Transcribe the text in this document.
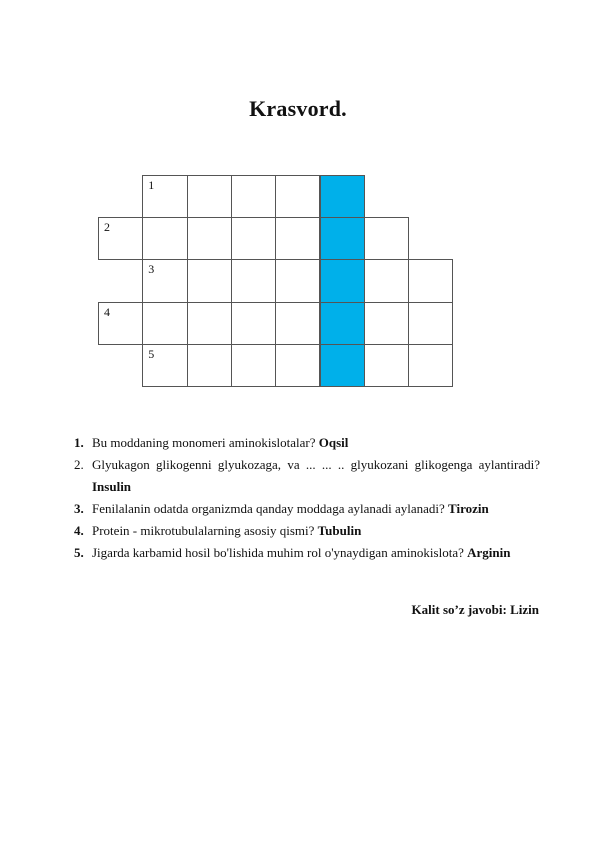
Krasvord.
1
2
3
4
5
1. Bu moddaning monomeri aminokislotalar? Oqsil
2. Glyukagon glikogenni glyukozaga, va ... ... .. glyukozani glikogenga aylantiradi? Insulin
3. Fenilalanin odatda organizmda qanday moddaga aylanadi aylanadi? Tirozin
4. Protein - mikrotubulalarning asosiy qismi? Tubulin
5. Jigarda karbamid hosil bo'lishida muhim rol o'ynaydigan aminokislota? Arginin
Kalit so’z javobi: Lizin
